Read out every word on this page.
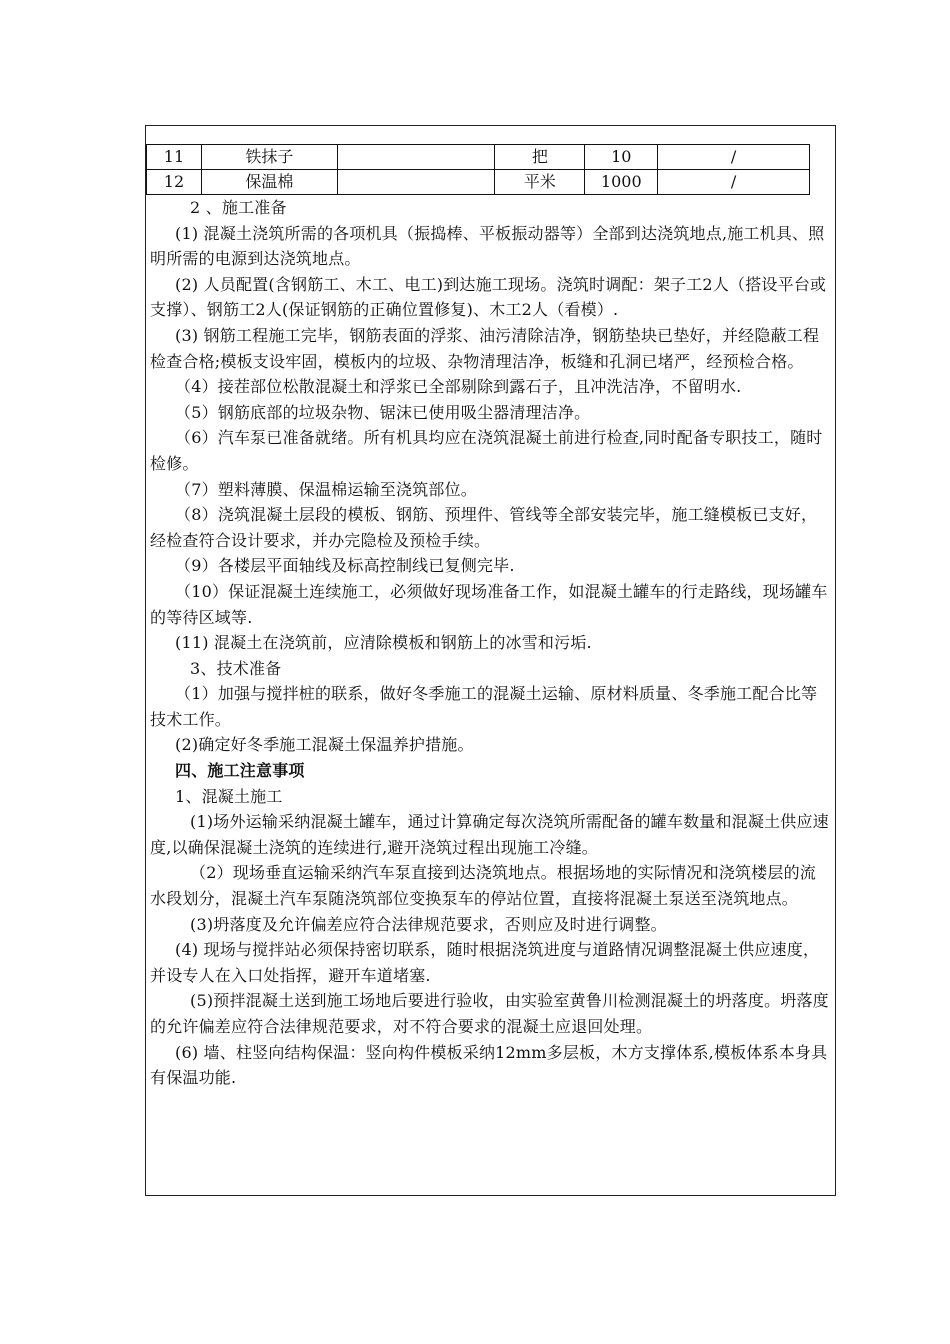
11	铁抹子		把	10	/
12	保温棉		平米	1000	/

2 、施工准备

(1) 混凝土浇筑所需的各项机具（振捣棒、平板振动器等）全部到达浇筑地点,施工机具、照明所需的电源到达浇筑地点。

(2) 人员配置(含钢筋工、木工、电工)到达施工现场。浇筑时调配：架子工2人（搭设平台或支撑）、钢筋工2人(保证钢筋的正确位置修复)、木工2人（看模）.

(3) 钢筋工程施工完毕，钢筋表面的浮浆、油污清除洁净，钢筋垫块已垫好，并经隐蔽工程检查合格;模板支设牢固，模板内的垃圾、杂物清理洁净，板缝和孔洞已堵严，经预检合格。

（4）接茬部位松散混凝土和浮浆已全部剔除到露石子，且冲洗洁净，不留明水.

（5）钢筋底部的垃圾杂物、锯沫已使用吸尘器清理洁净。

（6）汽车泵已准备就绪。所有机具均应在浇筑混凝土前进行检查,同时配备专职技工，随时检修。

（7）塑料薄膜、保温棉运输至浇筑部位。

（8）浇筑混凝土层段的模板、钢筋、预埋件、管线等全部安装完毕，施工缝模板已支好，经检查符合设计要求，并办完隐检及预检手续。

（9）各楼层平面轴线及标高控制线已复侧完毕.

（10）保证混凝土连续施工，必须做好现场准备工作，如混凝土罐车的行走路线，现场罐车的等待区域等.

(11) 混凝土在浇筑前，应清除模板和钢筋上的冰雪和污垢.

3、技术准备

（1）加强与搅拌桩的联系，做好冬季施工的混凝土运输、原材料质量、冬季施工配合比等技术工作。

(2)确定好冬季施工混凝土保温养护措施。

四、施工注意事项

1、混凝土施工

(1)场外运输采纳混凝土罐车，通过计算确定每次浇筑所需配备的罐车数量和混凝土供应速度,以确保混凝土浇筑的连续进行,避开浇筑过程出现施工冷缝。

（2）现场垂直运输采纳汽车泵直接到达浇筑地点。根据场地的实际情况和浇筑楼层的流水段划分，混凝土汽车泵随浇筑部位变换泵车的停站位置，直接将混凝土泵送至浇筑地点。

(3)坍落度及允许偏差应符合法律规范要求，否则应及时进行调整。

(4) 现场与搅拌站必须保持密切联系，随时根据浇筑进度与道路情况调整混凝土供应速度，并设专人在入口处指挥，避开车道堵塞.

(5)预拌混凝土送到施工场地后要进行验收，由实验室黄鲁川检测混凝土的坍落度。坍落度的允许偏差应符合法律规范要求，对不符合要求的混凝土应退回处理。

(6) 墙、柱竖向结构保温：竖向构件模板采纳12mm多层板，木方支撑体系,模板体系本身具有保温功能.
